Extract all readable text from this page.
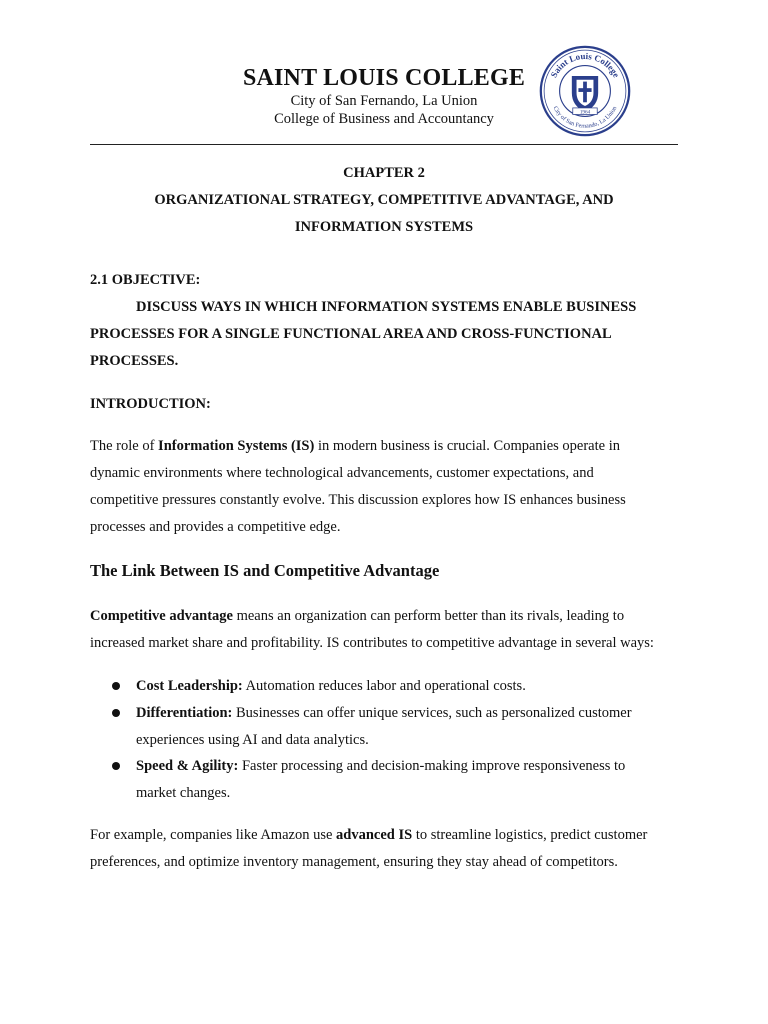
SAINT LOUIS COLLEGE
City of San Fernando, La Union
College of Business and Accountancy
Saint Louis College
City of San Fernando, La Union
1964
CHAPTER 2
ORGANIZATIONAL STRATEGY, COMPETITIVE ADVANTAGE, AND
INFORMATION SYSTEMS
2.1 OBJECTIVE:
DISCUSS WAYS IN WHICH INFORMATION SYSTEMS ENABLE BUSINESS
PROCESSES FOR A SINGLE FUNCTIONAL AREA AND CROSS-FUNCTIONAL
PROCESSES.
INTRODUCTION:
The role of Information Systems (IS) in modern business is crucial. Companies operate in
dynamic environments where technological advancements, customer expectations, and
competitive pressures constantly evolve. This discussion explores how IS enhances business
processes and provides a competitive edge.
The Link Between IS and Competitive Advantage
Competitive advantage means an organization can perform better than its rivals, leading to
increased market share and profitability. IS contributes to competitive advantage in several ways:
Cost Leadership: Automation reduces labor and operational costs.
Differentiation: Businesses can offer unique services, such as personalized customer
experiences using AI and data analytics.
Speed & Agility: Faster processing and decision-making improve responsiveness to
market changes.
For example, companies like Amazon use advanced IS to streamline logistics, predict customer
preferences, and optimize inventory management, ensuring they stay ahead of competitors.
